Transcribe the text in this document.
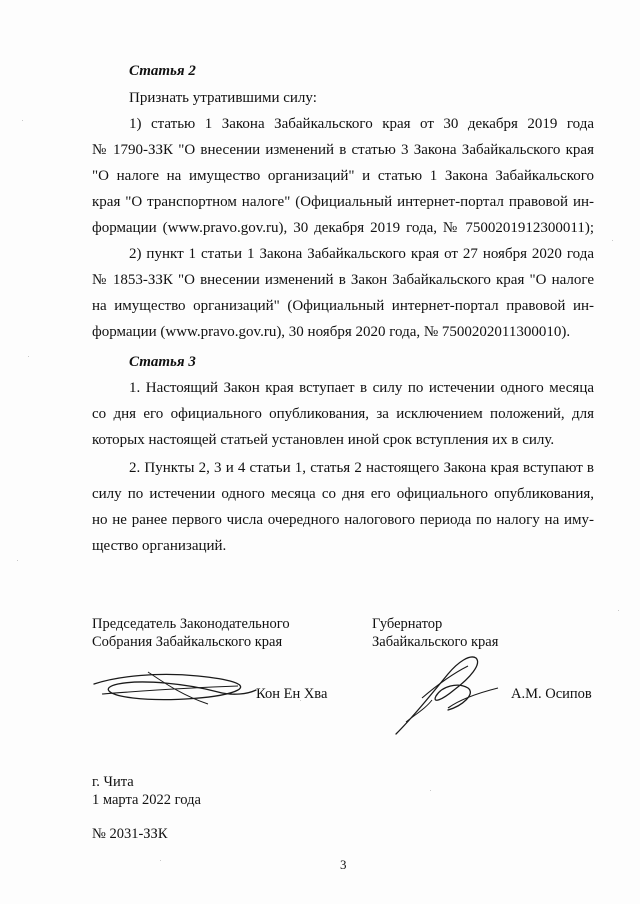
Статья 2
Признать утратившими силу:
1) статью 1 Закона Забайкальского края от 30 декабря 2019 года
№ 1790-ЗЗК "О внесении изменений в статью 3 Закона Забайкальского края
"О налоге на имущество организаций" и статью 1 Закона Забайкальского
края "О транспортном налоге" (Официальный интернет-портал правовой ин-
формации (www.pravo.gov.ru), 30 декабря 2019 года, № 7500201912300011);
2) пункт 1 статьи 1 Закона Забайкальского края от 27 ноября 2020 года
№ 1853-ЗЗК "О внесении изменений в Закон Забайкальского края "О налоге
на имущество организаций" (Официальный интернет-портал правовой ин-
формации (www.pravo.gov.ru), 30 ноября 2020 года, № 7500202011300010).
Статья 3
1. Настоящий Закон края вступает в силу по истечении одного месяца
со дня его официального опубликования, за исключением положений, для
которых настоящей статьей установлен иной срок вступления их в силу.
2. Пункты 2, 3 и 4 статьи 1, статья 2 настоящего Закона края вступают в
силу по истечении одного месяца со дня его официального опубликования,
но не ранее первого числа очередного налогового периода по налогу на иму-
щество организаций.
Председатель Законодательного
Собрания Забайкальского края
Кон Ен Хва
Губернатор
Забайкальского края
А.М. Осипов
г. Чита
1 марта 2022 года
№ 2031-ЗЗК
3
